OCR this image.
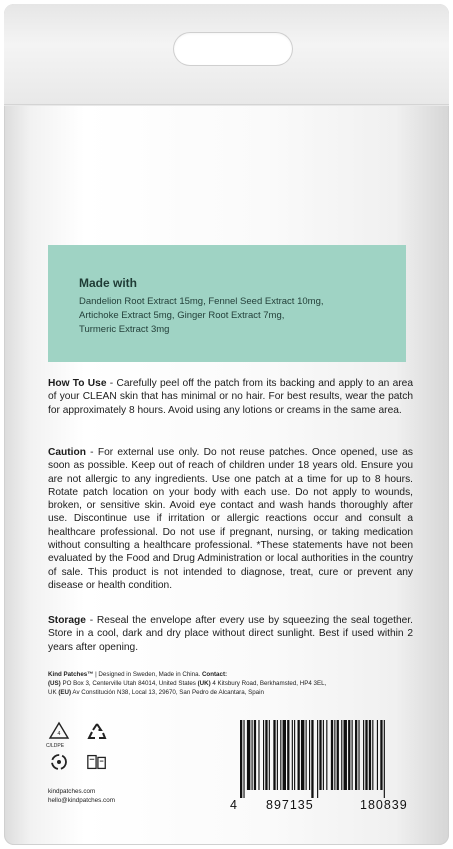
Made with
Dandelion Root Extract 15mg, Fennel Seed Extract 10mg,
Artichoke Extract 5mg, Ginger Root Extract 7mg,
Turmeric Extract 3mg
How To Use - Carefully peel off the patch from its backing and apply to an area of your CLEAN skin that has minimal or no hair. For best results, wear the patch for approximately 8 hours. Avoid using any lotions or creams in the same area.
Caution - For external use only. Do not reuse patches. Once opened, use as soon as possible. Keep out of reach of children under 18 years old. Ensure you are not allergic to any ingredients. Use one patch at a time for up to 8 hours. Rotate patch location on your body with each use. Do not apply to wounds, broken, or sensitive skin. Avoid eye contact and wash hands thoroughly after use. Discontinue use if irritation or allergic reactions occur and consult a healthcare professional. Do not use if pregnant, nursing, or taking medication without consulting a healthcare professional. *These statements have not been evaluated by the Food and Drug Administration or local authorities in the country of sale. This product is not intended to diagnose, treat, cure or prevent any disease or health condition.
Storage - Reseal the envelope after every use by squeezing the seal together. Store in a cool, dark and dry place without direct sunlight. Best if used within 2 years after opening.
Kind Patches™ | Designed in Sweden, Made in China. Contact:
(US) PO Box 3, Centerville Utah 84014, United States (UK) 4 Kitsbury Road, Berkhamsted, HP4 3EL,
UK (EU) Av Constitución N38, Local 13, 29670, San Pedro de Alcantara, Spain
4
C/LDPE
kindpatches.com
hello@kindpatches.com	4 897135	180839
